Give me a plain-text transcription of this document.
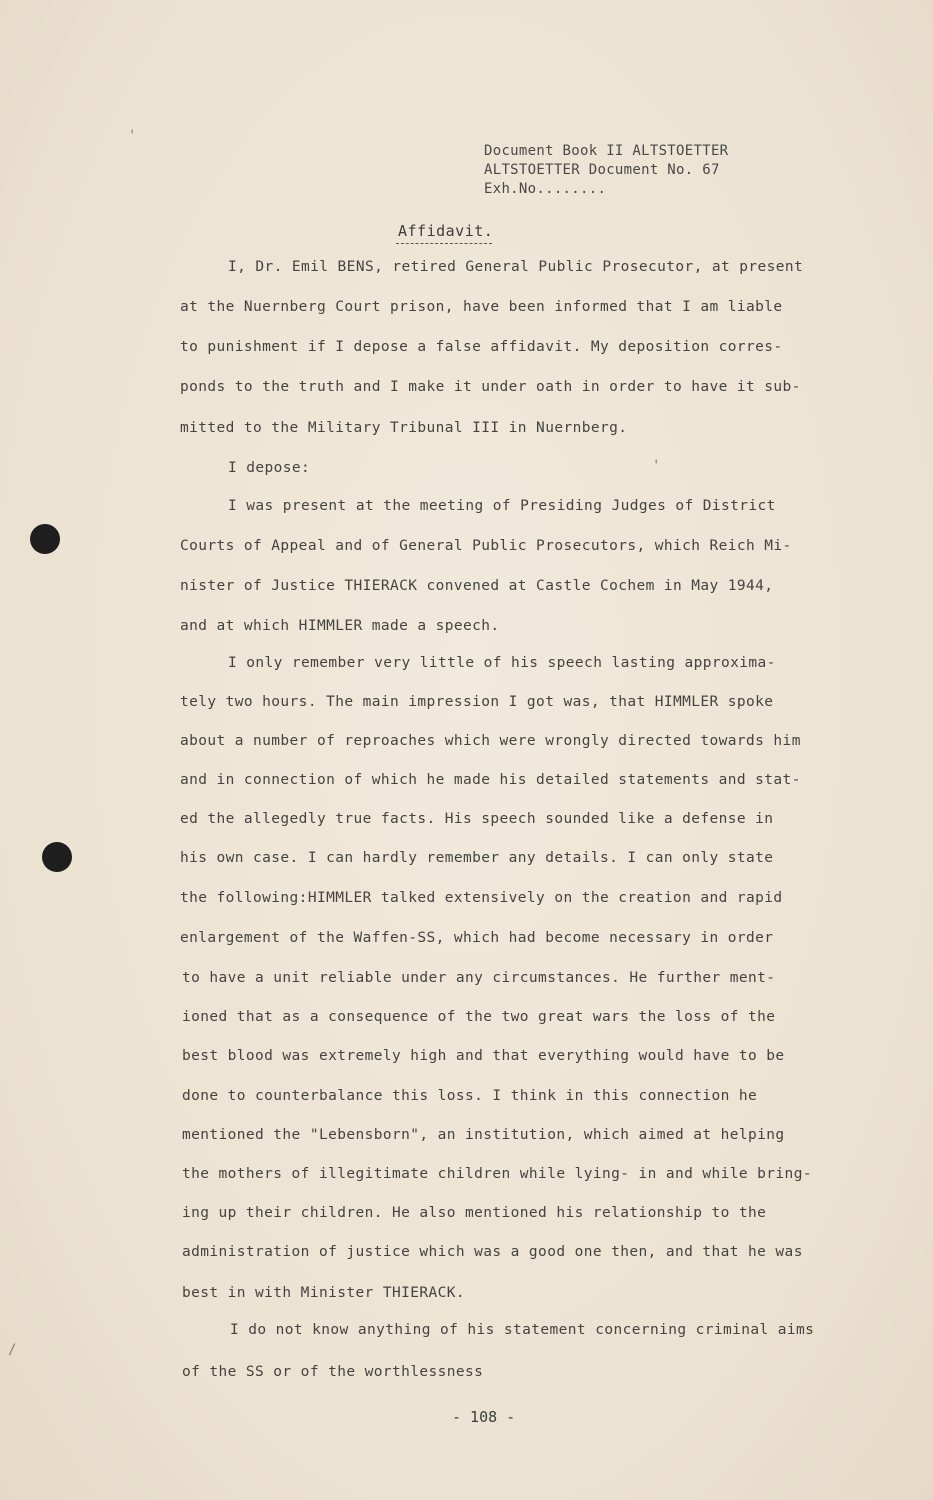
'
'
/
Document Book II ALTSTOETTER
ALTSTOETTER Document No. 67
Exh.No........
Affidavit.
I, Dr. Emil BENS, retired General Public Prosecutor, at present
at the Nuernberg Court prison, have been informed that I am liable
to punishment if I depose a false affidavit. My deposition corres-
ponds to the truth and I make it under oath in order to have it sub-
mitted to the Military Tribunal III in Nuernberg.
I depose:
I was present at the meeting of Presiding Judges of District
Courts of Appeal and of General Public Prosecutors, which Reich Mi-
nister of Justice THIERACK convened at Castle Cochem in May 1944,
and at which HIMMLER made a speech.
I only remember very little of his speech lasting approxima-
tely two hours. The main impression I got was, that HIMMLER spoke
about a number of reproaches which were wrongly directed towards him
and in connection of which he made his detailed statements and stat-
ed the allegedly true facts. His speech sounded like a defense in
his own case. I can hardly remember any details. I can only state
the following:HIMMLER talked extensively on the creation and rapid
enlargement of the Waffen-SS, which had become necessary in order
to have a unit reliable under any circumstances. He further ment-
ioned that as a consequence of the two great wars the loss of the
best blood was extremely high and that everything would have to be
done to counterbalance this loss. I think in this connection he
mentioned the "Lebensborn", an institution, which aimed at helping
the mothers of illegitimate children while lying- in and while bring-
ing up their children. He also mentioned his relationship to the
administration of justice which was a good one then, and that he was
best in with Minister THIERACK.
I do not know anything of his statement concerning criminal aims
of the SS or of the worthlessness
- 108 -
